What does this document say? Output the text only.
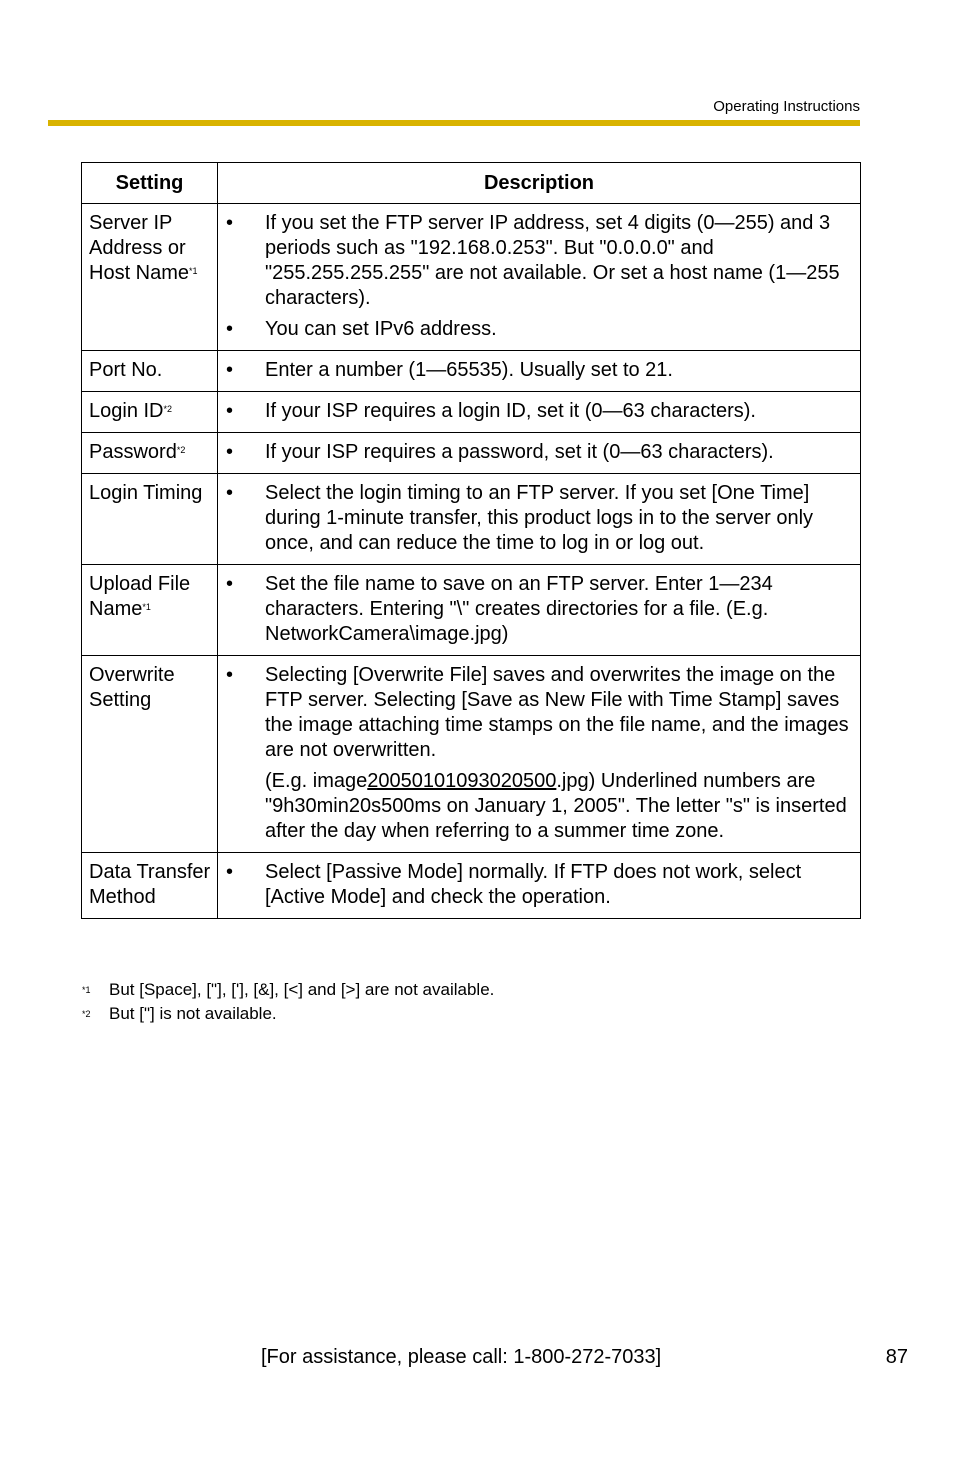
Operating Instructions
Setting	Description
Server IP Address or Host Name$^{*1}$	• If you set the FTP server IP address, set 4 digits (0—255) and 3 periods such as "192.168.0.253". But "0.0.0.0" and "255.255.255.255" are not available. Or set a host name (1—255 characters).
• You can set IPv6 address.

Port No.	• Enter a number (1—65535). Usually set to 21.

Login ID$^{*2}$	• If your ISP requires a login ID, set it (0—63 characters).

Password$^{*2}$	• If your ISP requires a password, set it (0—63 characters).

Login Timing	• Select the login timing to an FTP server. If you set [One Time] during 1-minute transfer, this product logs in to the server only once, and can reduce the time to log in or log out.

Upload File Name$^{*1}$	• Set the file name to save on an FTP server. Enter 1—234 characters. Entering "\" creates directories for a file. (E.g. NetworkCamera\image.jpg)

Overwrite Setting	• Selecting [Overwrite File] saves and overwrites the image on the FTP server. Selecting [Save as New File with Time Stamp] saves the image attaching time stamps on the file name, and the images are not overwritten.
(E.g. image20050101093020500.jpg) Underlined numbers are "9h30min20s500ms on January 1, 2005". The letter "s" is inserted after the day when referring to a summer time zone.

Data Transfer Method	• Select [Passive Mode] normally. If FTP does not work, select [Active Mode] and check the operation.
*1 But [Space], ["], ['], [&], [<] and [>] are not available.
*2 But ["] is not available.
[For assistance, please call: 1-800-272-7033]	87
